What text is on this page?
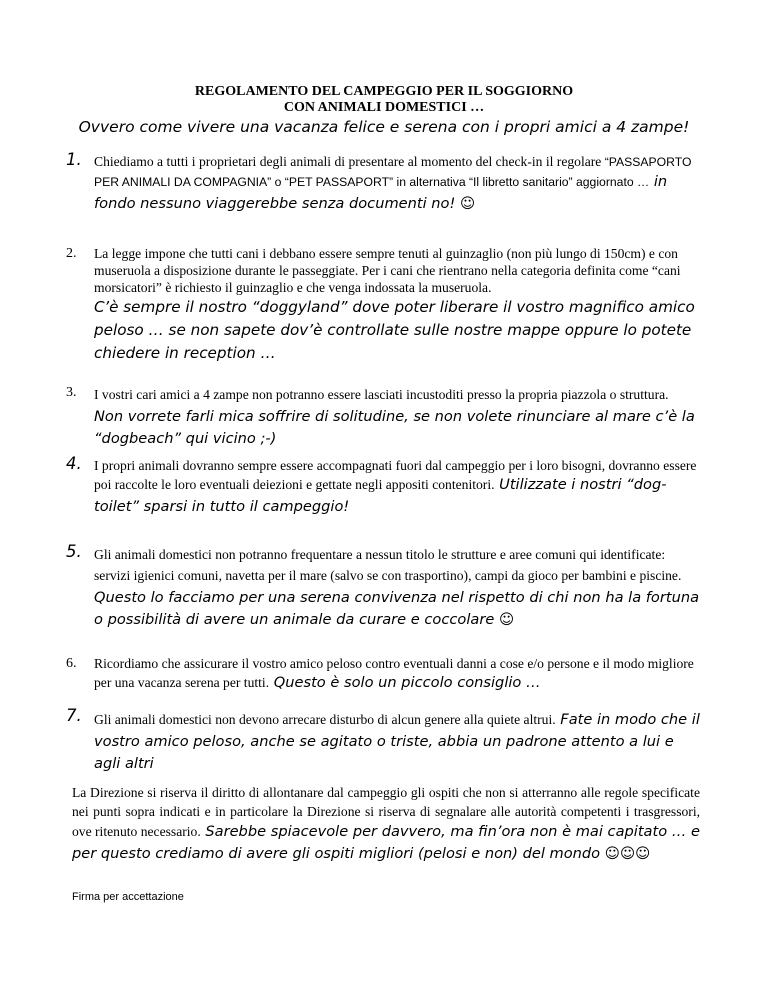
REGOLAMENTO DEL CAMPEGGIO PER IL SOGGIORNO
CON ANIMALI DOMESTICI …
Ovvero come vivere una vacanza felice e serena con i propri amici a 4 zampe!
1. Chiediamo a tutti i proprietari degli animali di presentare al momento del check-in il regolare “PASSAPORTO PER ANIMALI DA COMPAGNIA” o “PET PASSAPORT” in alternativa “Il libretto sanitario” aggiornato … in fondo nessuno viaggerebbe senza documenti no! ☺

2. La legge impone che tutti cani i debbano essere sempre tenuti al guinzaglio (non più lungo di 150cm) e con museruola a disposizione durante le passeggiate. Per i cani che rientrano nella categoria definita come “cani morsicatori” è richiesto il guinzaglio e che venga indossata la museruola.

C’è sempre il nostro “doggyland” dove poter liberare il vostro magnifico amico peloso … se non sapete dov’è controllate sulle nostre mappe oppure lo potete chiedere in reception …

3. I vostri cari amici a 4 zampe non potranno essere lasciati incustoditi presso la propria piazzola o struttura. Non vorrete farli mica soffrire di solitudine, se non volete rinunciare al mare c’è la “dogbeach” qui vicino ;-)

4. I propri animali dovranno sempre essere accompagnati fuori dal campeggio per i loro bisogni, dovranno essere poi raccolte le loro eventuali deiezioni e gettate negli appositi contenitori. Utilizzate i nostri “dog-toilet” sparsi in tutto il campeggio!

5. Gli animali domestici non potranno frequentare a nessun titolo le strutture e aree comuni qui identificate: servizi igienici comuni, navetta per il mare (salvo se con trasportino), campi da gioco per bambini e piscine. Questo lo facciamo per una serena convivenza nel rispetto di chi non ha la fortuna o possibilità di avere un animale da curare e coccolare ☺

6. Ricordiamo che assicurare il vostro amico peloso contro eventuali danni a cose e/o persone e il modo migliore per una vacanza serena per tutti. Questo è solo un piccolo consiglio …

7. Gli animali domestici non devono arrecare disturbo di alcun genere alla quiete altrui. Fate in modo che il vostro amico peloso, anche se agitato o triste, abbia un padrone attento a lui e agli altri

La Direzione si riserva il diritto di allontanare dal campeggio gli ospiti che non si atterranno alle regole specificate nei punti sopra indicati e in particolare la Direzione si riserva di segnalare alle autorità competenti i trasgressori, ove ritenuto necessario. Sarebbe spiacevole per davvero, ma fin’ora non è mai capitato … e per questo crediamo di avere gli ospiti migliori (pelosi e non) del mondo ☺☺☺

Firma per accettazione
